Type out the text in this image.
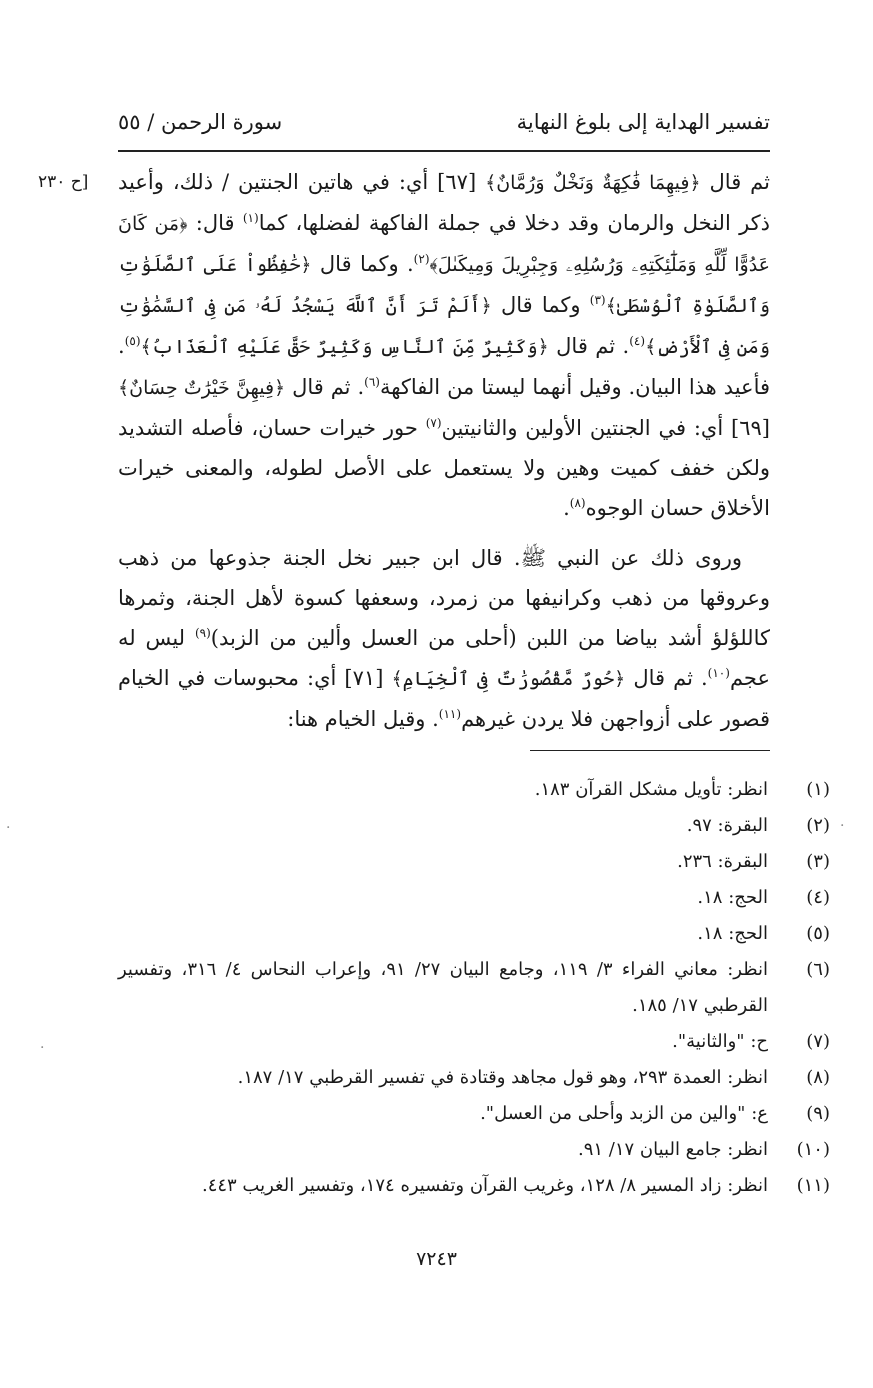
تفسير الهداية إلى بلوغ النهاية
سورة الرحمن / ٥٥
[ح ٢٣٠	ثم قال ﴿فِيهِمَا فَٰكِهَةٌ وَنَخْلٌ وَرُمَّانٌ﴾ [٦٧] أي: في هاتين الجنتين / ذلك، وأعيد ذكر النخل والرمان وقد دخلا في جملة الفاكهة لفضلها، كما$^{(١)}$ قال: ﴿مَن كَانَ عَدُوًّا لِّلَّهِ وَمَلَٰٓئِكَتِهِۦ وَرُسُلِهِۦ وَجِبْرِيلَ وَمِيكَىٰلَ﴾$^{(٢)}$. وكما قال ﴿حَٰفِظُواْ عَلَى ٱلصَّلَوَٰتِ وَٱلصَّلَوٰةِ ٱلْوُسْطَىٰ﴾$^{(٣)}$ وكما قال ﴿أَلَمْ تَرَ أَنَّ ٱللَّهَ يَسْجُدُ لَهُۥ مَن فِى ٱلسَّمَٰوَٰتِ وَمَن فِى ٱلْأَرْضِ﴾$^{(٤)}$. ثم قال ﴿وَكَثِيرٌ مِّنَ ٱلنَّاسِ وَكَثِيرٌ حَقَّ عَلَيْهِ ٱلْعَذَابُ﴾$^{(٥)}$. فأعيد هذا البيان. وقيل أنهما ليستا من الفاكهة$^{(٦)}$. ثم قال ﴿فِيهِنَّ خَيْرَٰتٌ حِسَانٌ﴾ [٦٩] أي: في الجنتين الأولين والثانيتين$^{(٧)}$ حور خيرات حسان، فأصله التشديد ولكن خفف كميت وهين ولا يستعمل على الأصل لطوله، والمعنى خيرات الأخلاق حسان الوجوه$^{(٨)}$.

وروى ذلك عن النبي ﷺ. قال ابن جبير نخل الجنة جذوعها من ذهب وعروقها من ذهب وكرانيفها من زمرد، وسعفها كسوة لأهل الجنة، وثمرها كاللؤلؤ أشد بياضا من اللبن (أحلى من العسل وألين من الزبد)$^{(٩)}$ ليس له عجم$^{(١٠)}$. ثم قال ﴿حُورٌ مَّقْصُورَٰتٌ فِى ٱلْخِيَامِ﴾ [٧١] أي: محبوسات في الخيام قصور على أزواجهن فلا يردن غيرهم$^{(١١)}$. وقيل الخيام هنا:

(١)
انظر: تأويل مشكل القرآن ١٨٣.
(٢)
البقرة: ٩٧.
(٣)
البقرة: ٢٣٦.
(٤)
الحج: ١٨.
(٥)
الحج: ١٨.
(٦)
انظر: معاني الفراء ٣/ ١١٩، وجامع البيان ٢٧/ ٩١، وإعراب النحاس ٤/ ٣١٦، وتفسير القرطبي ١٧/ ١٨٥.
(٧)
ح: "والثانية".
(٨)
انظر: العمدة ٢٩٣، وهو قول مجاهد وقتادة في تفسير القرطبي ١٧/ ١٨٧.
(٩)
ع: "والين من الزبد وأحلى من العسل".
(١٠)
انظر: جامع البيان ١٧/ ٩١.
(١١)
انظر: زاد المسير ٨/ ١٢٨، وغريب القرآن وتفسيره ١٧٤، وتفسير الغريب ٤٤٣.
٧٢٤٣
·
·
·
